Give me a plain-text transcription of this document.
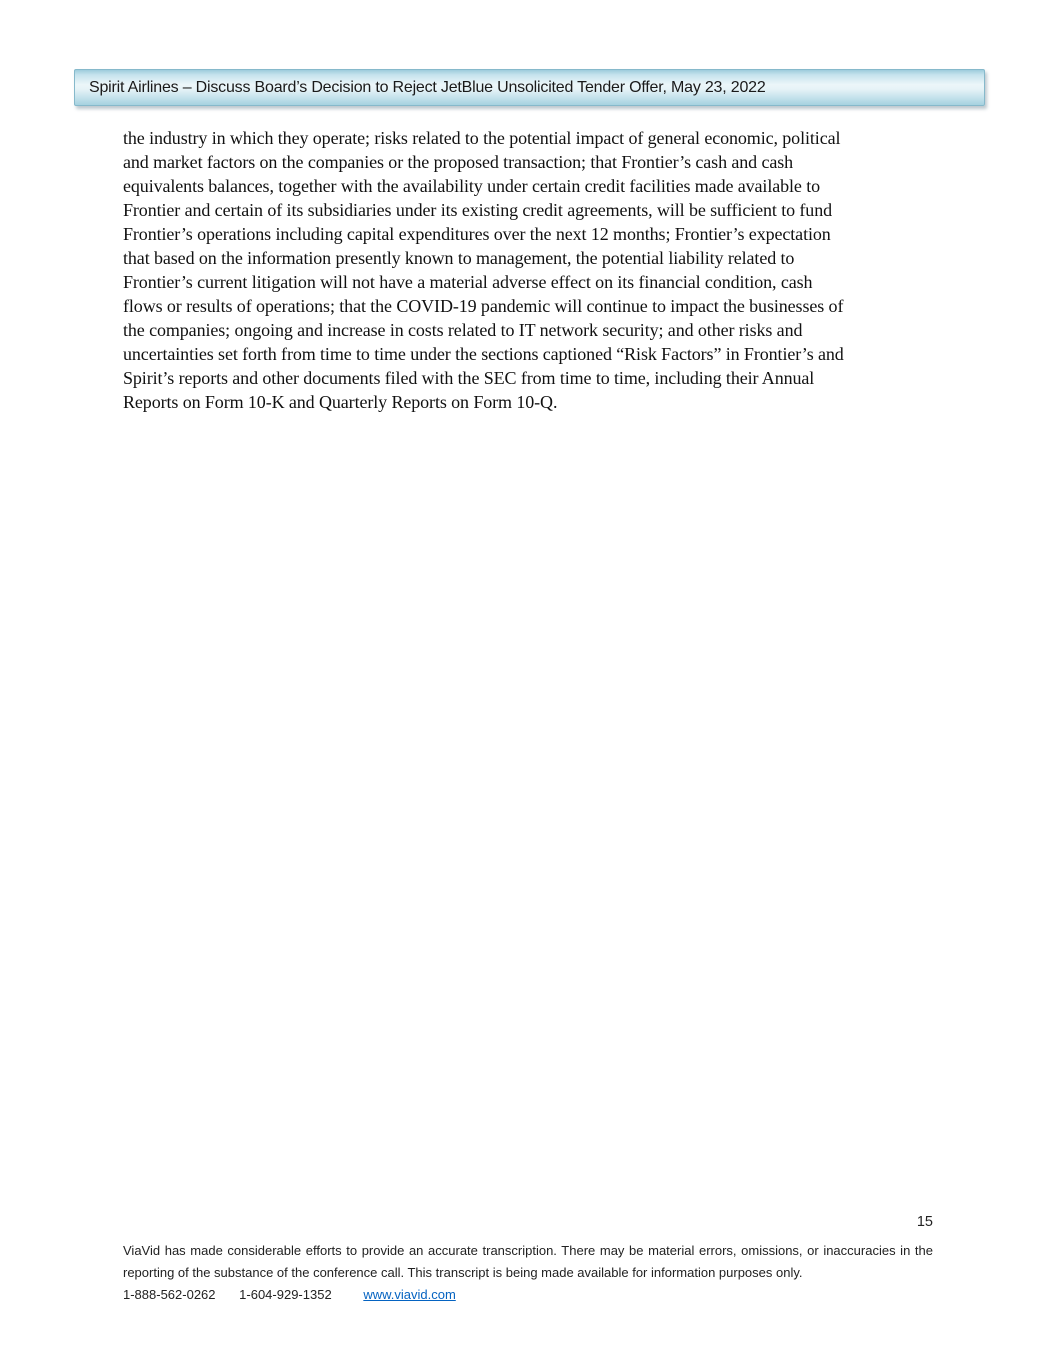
Spirit Airlines – Discuss Board’s Decision to Reject JetBlue Unsolicited Tender Offer, May 23, 2022
the industry in which they operate; risks related to the potential impact of general economic, political
and market factors on the companies or the proposed transaction; that Frontier’s cash and cash
equivalents balances, together with the availability under certain credit facilities made available to
Frontier and certain of its subsidiaries under its existing credit agreements, will be sufficient to fund
Frontier’s operations including capital expenditures over the next 12 months; Frontier’s expectation
that based on the information presently known to management, the potential liability related to
Frontier’s current litigation will not have a material adverse effect on its financial condition, cash
flows or results of operations; that the COVID-19 pandemic will continue to impact the businesses of
the companies; ongoing and increase in costs related to IT network security; and other risks and
uncertainties set forth from time to time under the sections captioned “Risk Factors” in Frontier’s and
Spirit’s reports and other documents filed with the SEC from time to time, including their Annual
Reports on Form 10-K and Quarterly Reports on Form 10-Q.
15
ViaVid has made considerable efforts to provide an accurate transcription. There may be material errors, omissions, or inaccuracies in the
reporting of the substance of the conference call. This transcript is being made available for information purposes only.
1-888-562-0262 1-604-929-1352 www.viavid.com
